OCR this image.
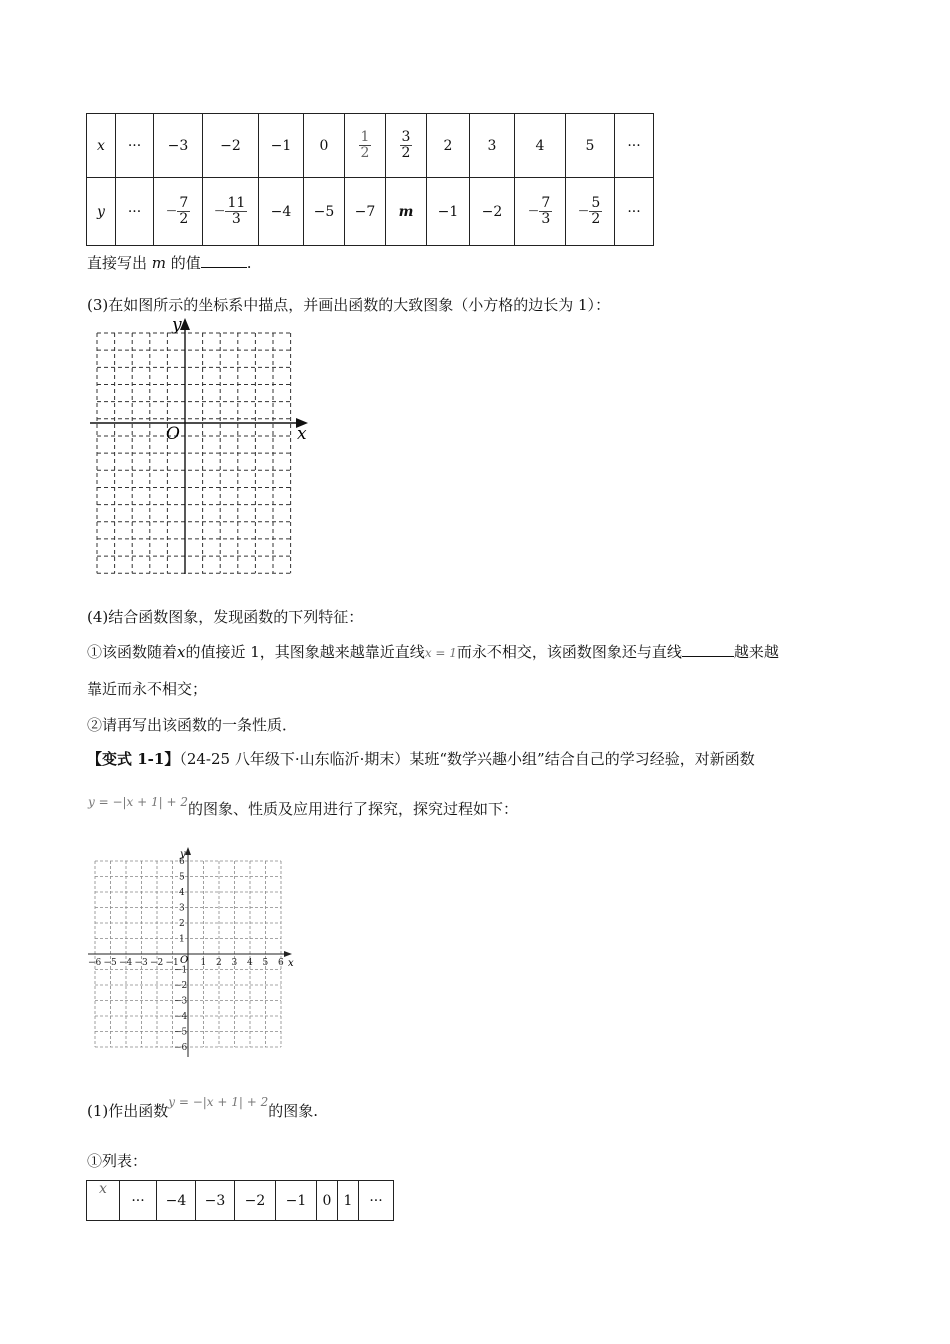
x	···	−3	−2	−1	0	$\frac{1}{2}$	$\frac{3}{2}$	2	3	4	5	···
y	···	− $\frac{7}{2}$	− $\frac{11}{3}$	−4	−5	−7	m	−1	−2	− $\frac{7}{3}$	− $\frac{5}{2}$	···
直接写出 m 的值	.
(3)在如图所示的坐标系中描点，并画出函数的大致图象（小方格的边长为 1）：
x
y
O
(4)结合函数图象，发现函数的下列特征：
①该函数随着x的值接近 1，其图象越来越靠近直线x = 1而永不相交，该函数图象还与直线	越来越
靠近而永不相交；
②请再写出该函数的一条性质．
【变式 1-1】（24-25 八年级下·山东临沂·期末）某班“数学兴趣小组”结合自己的学习经验，对新函数
$^{y = -|x + 1| + 2}$的图象、性质及应用进行了探究，探究过程如下：
−6 −5 −4 −3 −2 −1 1 2 3 4 5 6
6
5
4
3
2
1
−1
−2
−3
−4
−5
−6
x
y
O
(1)作出函数$^{y = -|x + 1| + 2}$的图象.
①列表：
x	···	−4	−3	−2	−1	0	1	···
